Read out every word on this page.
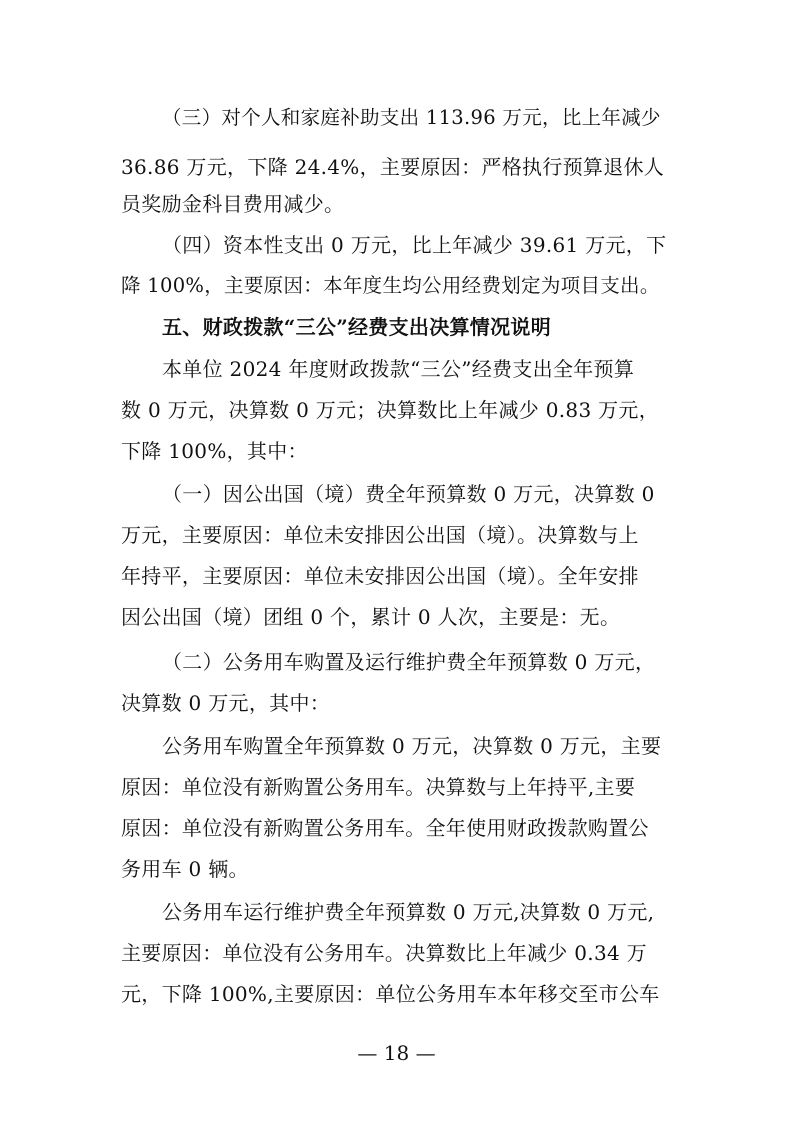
（三）对个人和家庭补助支出 113.96 万元，比上年减少
36.86 万元，下降 24.4%，主要原因：严格执行预算退休人
员奖励金科目费用减少。
（四）资本性支出 0 万元，比上年减少 39.61 万元，下
降 100%，主要原因：本年度生均公用经费划定为项目支出。
五、财政拨款“三公”经费支出决算情况说明
本单位 2024 年度财政拨款“三公”经费支出全年预算
数 0 万元，决算数 0 万元；决算数比上年减少 0.83 万元，
下降 100%，其中：
（一）因公出国（境）费全年预算数 0 万元，决算数 0
万元，主要原因：单位未安排因公出国（境）。决算数与上
年持平，主要原因：单位未安排因公出国（境）。全年安排
因公出国（境）团组 0 个，累计 0 人次，主要是：无。
（二）公务用车购置及运行维护费全年预算数 0 万元，
决算数 0 万元，其中：
公务用车购置全年预算数 0 万元，决算数 0 万元，主要
原因：单位没有新购置公务用车。决算数与上年持平,主要
原因：单位没有新购置公务用车。全年使用财政拨款购置公
务用车 0 辆。
公务用车运行维护费全年预算数 0 万元,决算数 0 万元,
主要原因：单位没有公务用车。决算数比上年减少 0.34 万
元，下降 100%,主要原因：单位公务用车本年移交至市公车
— 18 —
